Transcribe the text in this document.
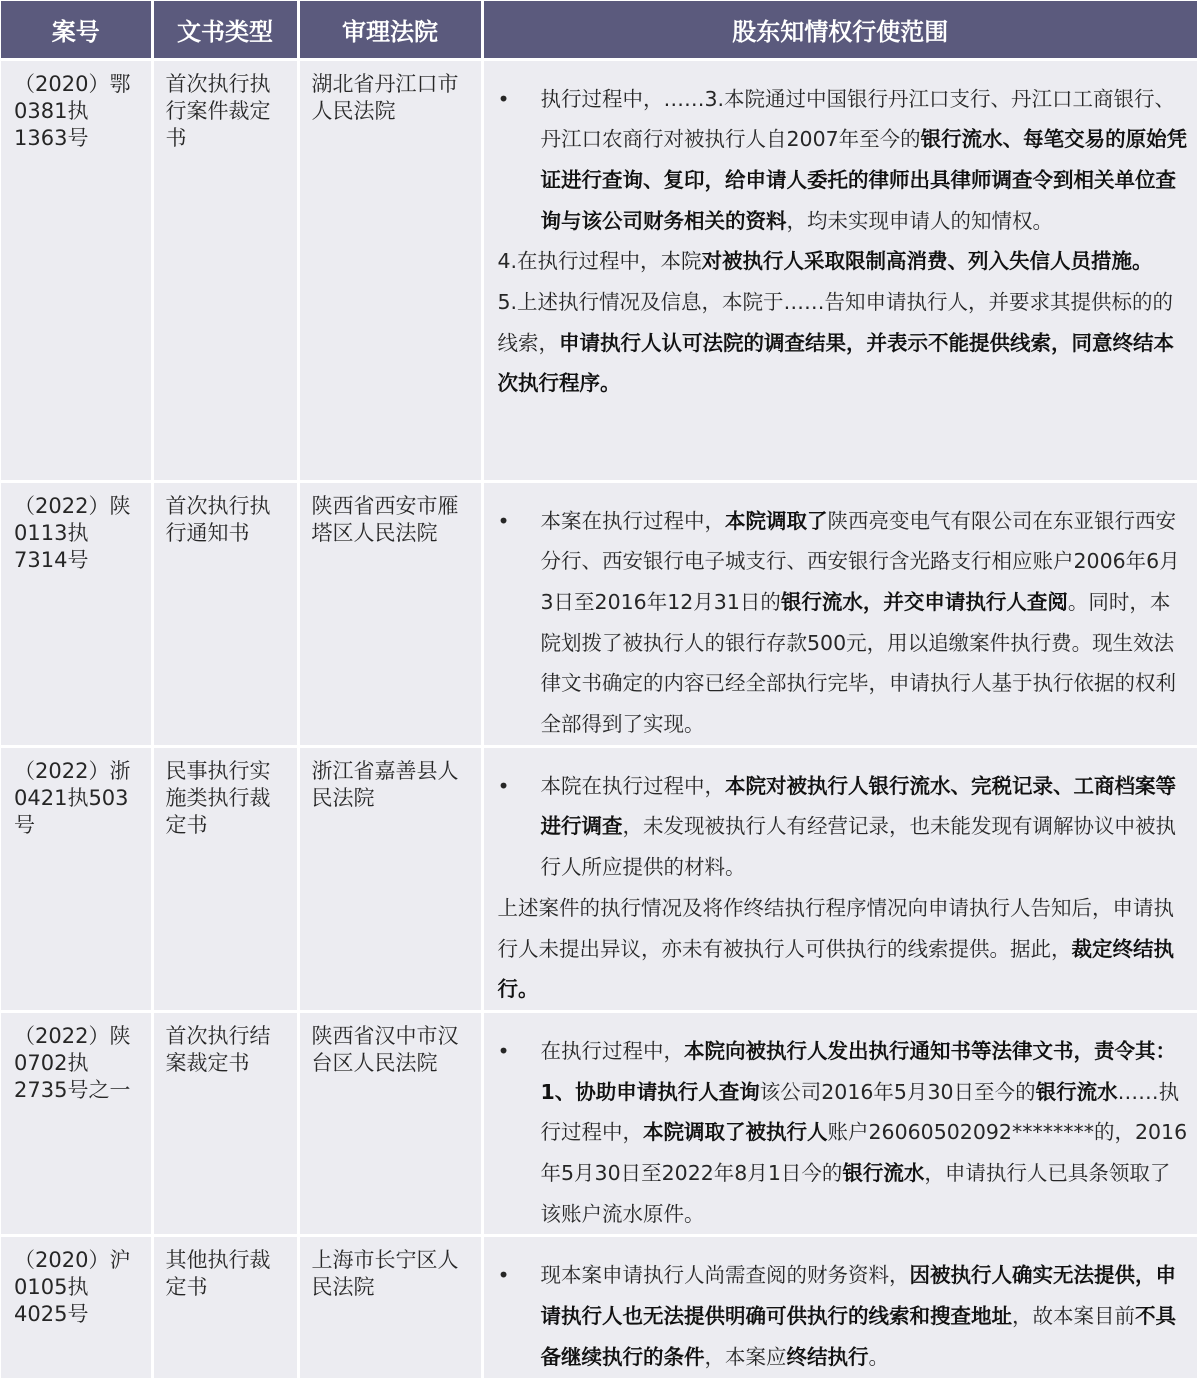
案号	文书类型	审理法院	股东知情权行使范围
（2020）鄂0381执1363号	首次执行执行案件裁定书	湖北省丹江口市人民法院	• 执行过程中，……3.本院通过中国银行丹江口支行、丹江口工商银行、丹江口农商行对被执行人自2007年至今的银行流水、每笔交易的原始凭证进行查询、复印，给申请人委托的律师出具律师调查令到相关单位查询与该公司财务相关的资料，均未实现申请人的知情权。
4.在执行过程中，本院对被执行人采取限制高消费、列入失信人员措施。
5.上述执行情况及信息，本院于……告知申请执行人，并要求其提供标的的线索，申请执行人认可法院的调查结果，并表示不能提供线索，同意终结本次执行程序。

（2022）陕0113执7314号	首次执行执行通知书	陕西省西安市雁塔区人民法院	• 本案在执行过程中，本院调取了陕西亮变电气有限公司在东亚银行西安分行、西安银行电子城支行、西安银行含光路支行相应账户2006年6月3日至2016年12月31日的银行流水，并交申请执行人查阅。同时，本院划拨了被执行人的银行存款500元，用以追缴案件执行费。现生效法律文书确定的内容已经全部执行完毕，申请执行人基于执行依据的权利全部得到了实现。

（2022）浙0421执503号	民事执行实施类执行裁定书	浙江省嘉善县人民法院	• 本院在执行过程中，本院对被执行人银行流水、完税记录、工商档案等进行调查，未发现被执行人有经营记录，也未能发现有调解协议中被执行人所应提供的材料。
上述案件的执行情况及将作终结执行程序情况向申请执行人告知后，申请执行人未提出异议，亦未有被执行人可供执行的线索提供。据此，裁定终结执行。

（2022）陕0702执2735号之一	首次执行结案裁定书	陕西省汉中市汉台区人民法院	• 在执行过程中，本院向被执行人发出执行通知书等法律文书，责令其：1、协助申请执行人查询该公司2016年5月30日至今的银行流水……执行过程中，本院调取了被执行人账户26060502092********的，2016年5月30日至2022年8月1日今的银行流水，申请执行人已具条领取了该账户流水原件。

（2020）沪0105执4025号	其他执行裁定书	上海市长宁区人民法院	• 现本案申请执行人尚需查阅的财务资料，因被执行人确实无法提供，申请执行人也无法提供明确可供执行的线索和搜查地址，故本案目前不具备继续执行的条件，本案应终结执行。
